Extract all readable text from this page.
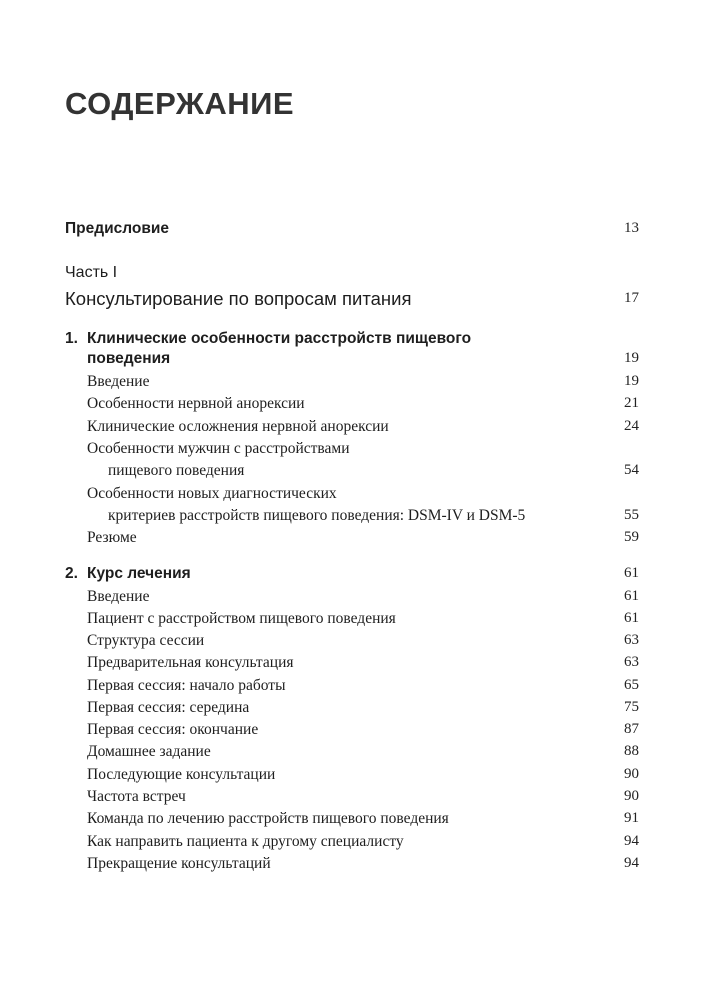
СОДЕРЖАНИЕ
Предисловие	13
Часть I
Консультирование по вопросам питания	17
1. Клинические особенности расстройств пищевого
поведения	19
Введение	19
Особенности нервной анорексии	21
Клинические осложнения нервной анорексии	24
Особенности мужчин с расстройствами
пищевого поведения	54
Особенности новых диагностических
критериев расстройств пищевого поведения: DSM-IV и DSM-5	55
Резюме	59
2. Курс лечения	61
Введение	61
Пациент с расстройством пищевого поведения	61
Структура сессии	63
Предварительная консультация	63
Первая сессия: начало работы	65
Первая сессия: середина	75
Первая сессия: окончание	87
Домашнее задание	88
Последующие консультации	90
Частота встреч	90
Команда по лечению расстройств пищевого поведения	91
Как направить пациента к другому специалисту	94
Прекращение консультаций	94
